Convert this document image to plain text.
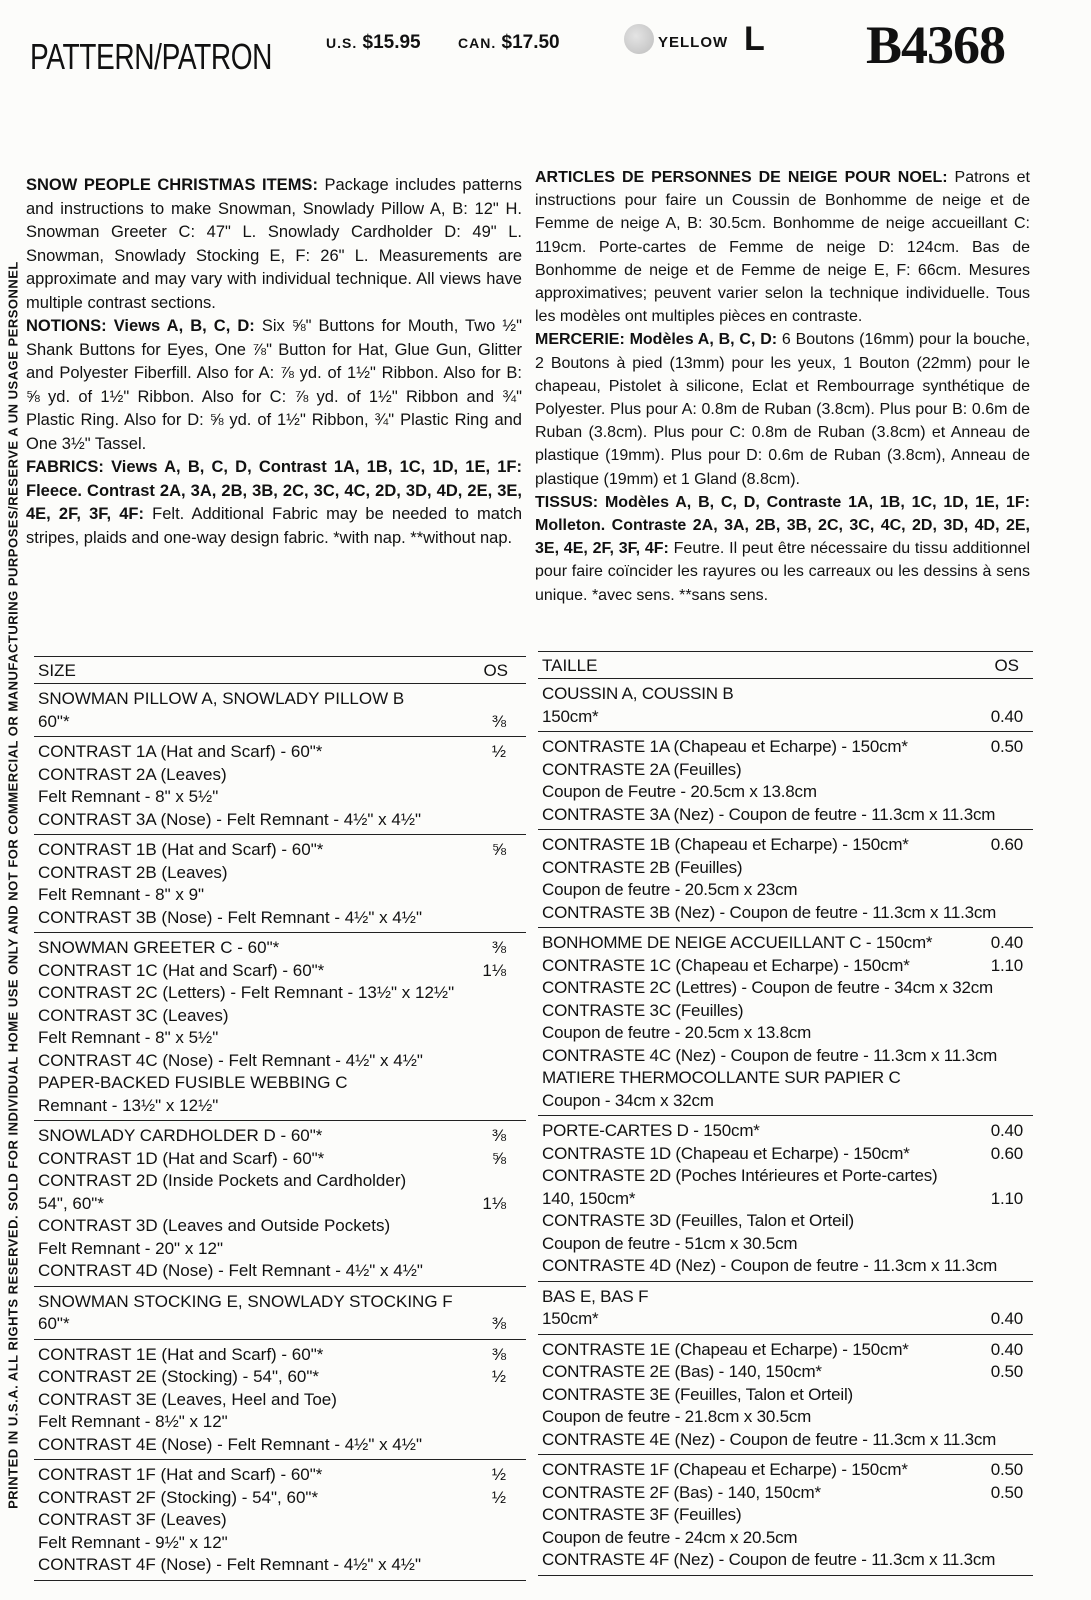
PATTERN/PATRON	U.S. $15.95	CAN. $17.50	YELLOW L B4368
PRINTED IN U.S.A. ALL RIGHTS RESERVED. SOLD FOR INDIVIDUAL HOME USE ONLY AND NOT FOR COMMERCIAL OR MANUFACTURING PURPOSES/RESERVE A UN USAGE PERSONNEL

SNOW PEOPLE CHRISTMAS ITEMS: Package includes patterns and instructions to make Snowman, Snowlady Pillow A, B: 12" H. Snowman Greeter C: 47" L. Snowlady Cardholder D: 49" L. Snowman, Snowlady Stocking E, F: 26" L. Measurements are approximate and may vary with individual technique. All views have multiple contrast sections.

NOTIONS: Views A, B, C, D: Six ⅝" Buttons for Mouth, Two ½" Shank Buttons for Eyes, One ⅞" Button for Hat, Glue Gun, Glitter and Polyester Fiberfill. Also for A: ⅞ yd. of 1½" Ribbon. Also for B: ⅝ yd. of 1½" Ribbon. Also for C: ⅞ yd. of 1½" Ribbon and ¾" Plastic Ring. Also for D: ⅝ yd. of 1½" Ribbon, ¾" Plastic Ring and One 3½" Tassel.

FABRICS: Views A, B, C, D, Contrast 1A, 1B, 1C, 1D, 1E, 1F: Fleece. Contrast 2A, 3A, 2B, 3B, 2C, 3C, 4C, 2D, 3D, 4D, 2E, 3E, 4E, 2F, 3F, 4F: Felt. Additional Fabric may be needed to match stripes, plaids and one-way design fabric. *with nap. **without nap.

ARTICLES DE PERSONNES DE NEIGE POUR NOEL: Patrons et instructions pour faire un Coussin de Bonhomme de neige et de Femme de neige A, B: 30.5cm. Bonhomme de neige accueillant C: 119cm. Porte-cartes de Femme de neige D: 124cm. Bas de Bonhomme de neige et de Femme de neige E, F: 66cm. Mesures approximatives; peuvent varier selon la technique individuelle. Tous les modèles ont multiples pièces en contraste.

MERCERIE: Modèles A, B, C, D: 6 Boutons (16mm) pour la bouche, 2 Boutons à pied (13mm) pour les yeux, 1 Bouton (22mm) pour le chapeau, Pistolet à silicone, Eclat et Rembourrage synthétique de Polyester. Plus pour A: 0.8m de Ruban (3.8cm). Plus pour B: 0.6m de Ruban (3.8cm). Plus pour C: 0.8m de Ruban (3.8cm) et Anneau de plastique (19mm). Plus pour D: 0.6m de Ruban (3.8cm), Anneau de plastique (19mm) et 1 Gland (8.8cm).

TISSUS: Modèles A, B, C, D, Contraste 1A, 1B, 1C, 1D, 1E, 1F: Molleton. Contraste 2A, 3A, 2B, 3B, 2C, 3C, 4C, 2D, 3D, 4D, 2E, 3E, 4E, 2F, 3F, 4F: Feutre. Il peut être nécessaire du tissu additionnel pour faire coïncider les rayures ou les carreaux ou les dessins à sens unique. *avec sens. **sans sens.

SIZE	OS
SNOWMAN PILLOW A, SNOWLADY PILLOW B
60"*	⅜
CONTRAST 1A (Hat and Scarf) - 60"*	½
CONTRAST 2A (Leaves)
Felt Remnant - 8" x 5½"
CONTRAST 3A (Nose) - Felt Remnant - 4½" x 4½"
CONTRAST 1B (Hat and Scarf) - 60"*	⅝
CONTRAST 2B (Leaves)
Felt Remnant - 8" x 9"
CONTRAST 3B (Nose) - Felt Remnant - 4½" x 4½"
SNOWMAN GREETER C - 60"*	⅜
CONTRAST 1C (Hat and Scarf) - 60"*	1⅛
CONTRAST 2C (Letters) - Felt Remnant - 13½" x 12½"
CONTRAST 3C (Leaves)
Felt Remnant - 8" x 5½"
CONTRAST 4C (Nose) - Felt Remnant - 4½" x 4½"
PAPER-BACKED FUSIBLE WEBBING C
Remnant - 13½" x 12½"
SNOWLADY CARDHOLDER D - 60"*	⅜
CONTRAST 1D (Hat and Scarf) - 60"*	⅝
CONTRAST 2D (Inside Pockets and Cardholder)
54", 60"*	1⅛
CONTRAST 3D (Leaves and Outside Pockets)
Felt Remnant - 20" x 12"
CONTRAST 4D (Nose) - Felt Remnant - 4½" x 4½"
SNOWMAN STOCKING E, SNOWLADY STOCKING F
60"*	⅜
CONTRAST 1E (Hat and Scarf) - 60"*	⅜
CONTRAST 2E (Stocking) - 54", 60"*	½
CONTRAST 3E (Leaves, Heel and Toe)
Felt Remnant - 8½" x 12"
CONTRAST 4E (Nose) - Felt Remnant - 4½" x 4½"
CONTRAST 1F (Hat and Scarf) - 60"*	½
CONTRAST 2F (Stocking) - 54", 60"*	½
CONTRAST 3F (Leaves)
Felt Remnant - 9½" x 12"
CONTRAST 4F (Nose) - Felt Remnant - 4½" x 4½"
TAILLE	OS
COUSSIN A, COUSSIN B
150cm*	0.40
CONTRASTE 1A (Chapeau et Echarpe) - 150cm*	0.50
CONTRASTE 2A (Feuilles)
Coupon de Feutre - 20.5cm x 13.8cm
CONTRASTE 3A (Nez) - Coupon de feutre - 11.3cm x 11.3cm
CONTRASTE 1B (Chapeau et Echarpe) - 150cm*	0.60
CONTRASTE 2B (Feuilles)
Coupon de feutre - 20.5cm x 23cm
CONTRASTE 3B (Nez) - Coupon de feutre - 11.3cm x 11.3cm
BONHOMME DE NEIGE ACCUEILLANT C - 150cm*	0.40
CONTRASTE 1C (Chapeau et Echarpe) - 150cm*	1.10
CONTRASTE 2C (Lettres) - Coupon de feutre - 34cm x 32cm
CONTRASTE 3C (Feuilles)
Coupon de feutre - 20.5cm x 13.8cm
CONTRASTE 4C (Nez) - Coupon de feutre - 11.3cm x 11.3cm
MATIERE THERMOCOLLANTE SUR PAPIER C
Coupon - 34cm x 32cm
PORTE-CARTES D - 150cm*	0.40
CONTRASTE 1D (Chapeau et Echarpe) - 150cm*	0.60
CONTRASTE 2D (Poches Intérieures et Porte-cartes)
140, 150cm*	1.10
CONTRASTE 3D (Feuilles, Talon et Orteil)
Coupon de feutre - 51cm x 30.5cm
CONTRASTE 4D (Nez) - Coupon de feutre - 11.3cm x 11.3cm
BAS E, BAS F
150cm*	0.40
CONTRASTE 1E (Chapeau et Echarpe) - 150cm*	0.40
CONTRASTE 2E (Bas) - 140, 150cm*	0.50
CONTRASTE 3E (Feuilles, Talon et Orteil)
Coupon de feutre - 21.8cm x 30.5cm
CONTRASTE 4E (Nez) - Coupon de feutre - 11.3cm x 11.3cm
CONTRASTE 1F (Chapeau et Echarpe) - 150cm*	0.50
CONTRASTE 2F (Bas) - 140, 150cm*	0.50
CONTRASTE 3F (Feuilles)
Coupon de feutre - 24cm x 20.5cm
CONTRASTE 4F (Nez) - Coupon de feutre - 11.3cm x 11.3cm
